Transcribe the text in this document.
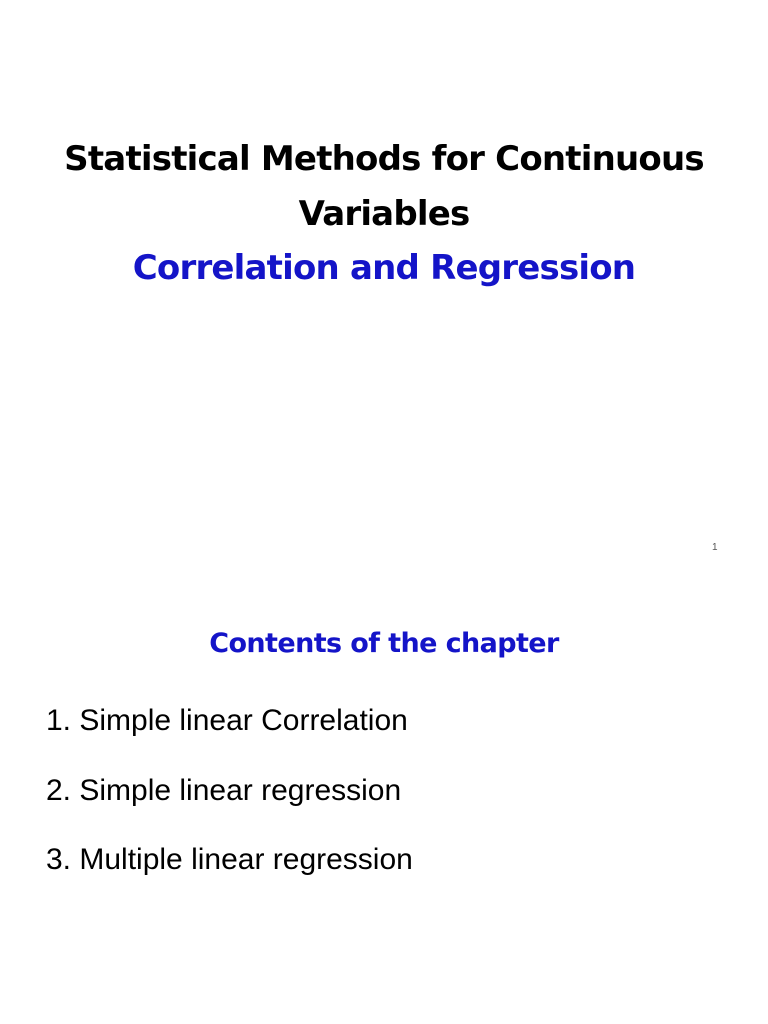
Statistical Methods for Continuous
Variables
Correlation and Regression
1
Contents of the chapter
1. Simple linear Correlation
2. Simple linear regression
3. Multiple linear regression
